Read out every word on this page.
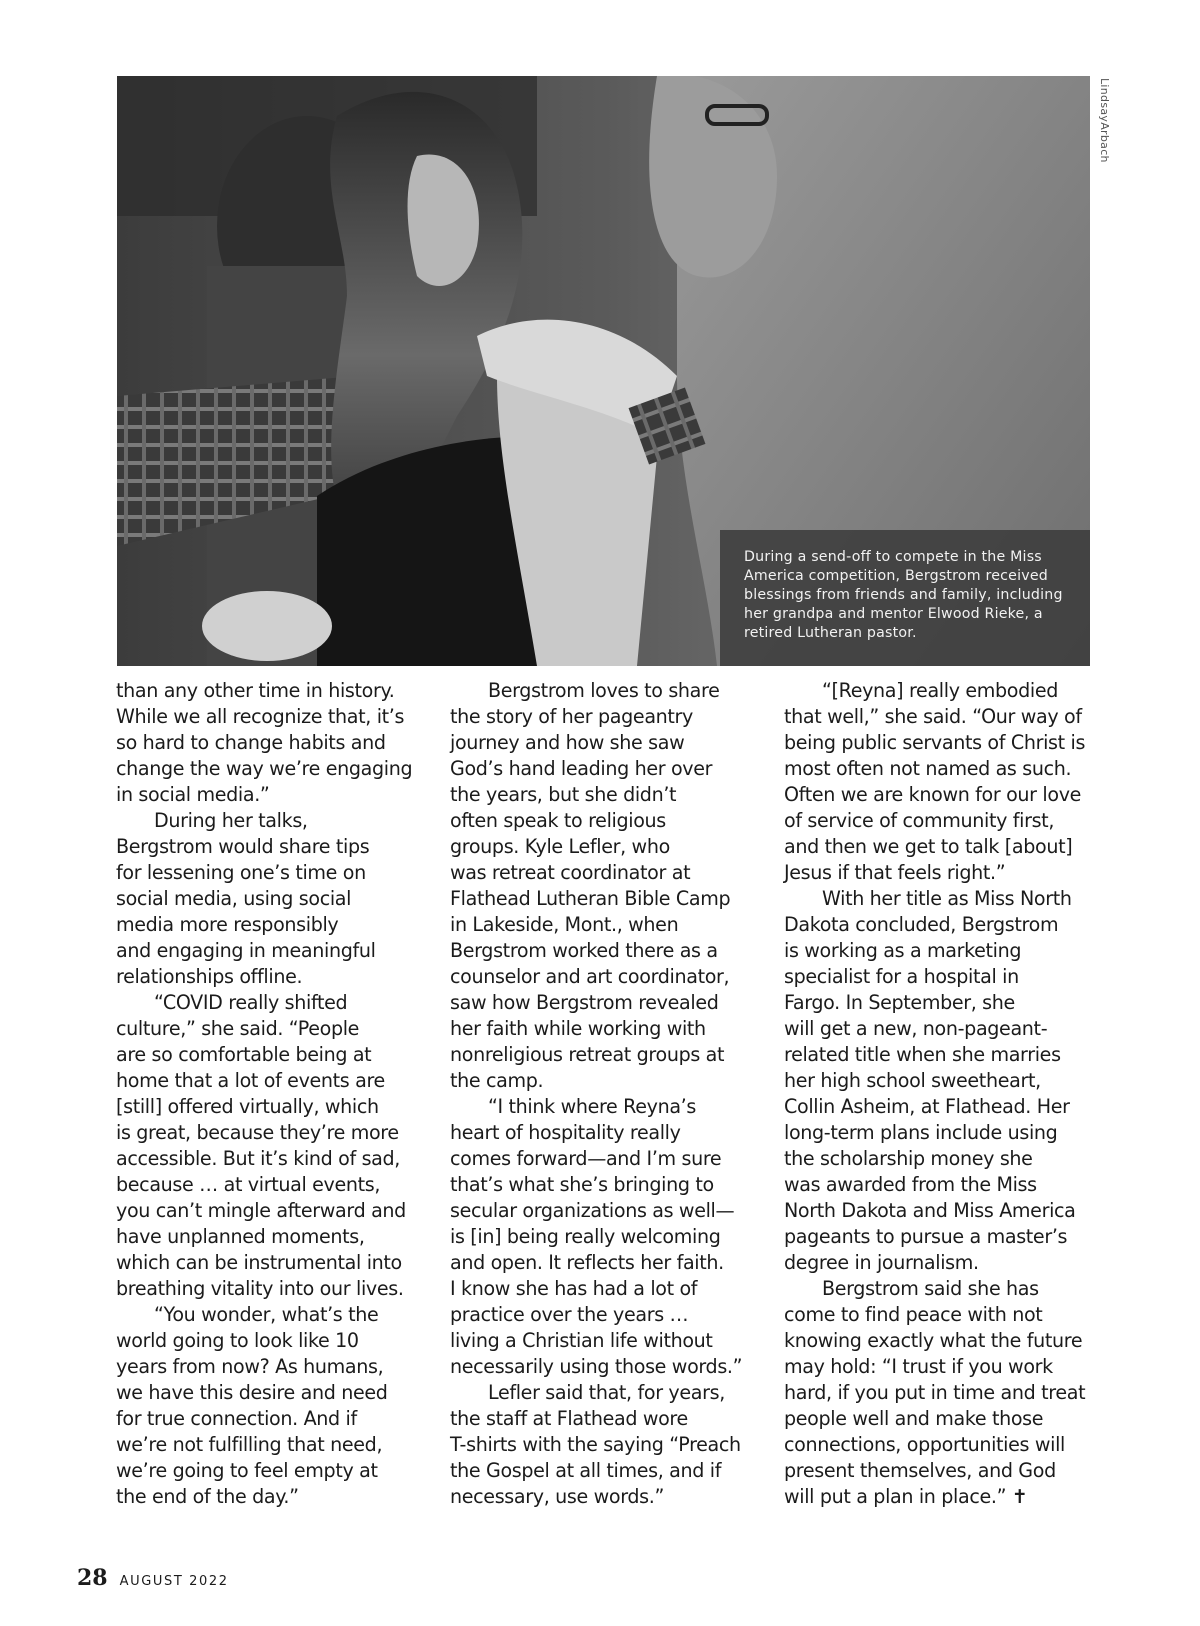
During a send-off to compete in the Miss America competition, Bergstrom received blessings from friends and family, including her grandpa and mentor Elwood Rieke, a retired Lutheran pastor.
LindsayArbach

than any other time in history.
While we all recognize that, it’s
so hard to change habits and
change the way we’re engaging
in social media.”

During her talks,
Bergstrom would share tips
for lessening one’s time on
social media, using social
media more responsibly
and engaging in meaningful
relationships offline.

“COVID really shifted
culture,” she said. “People
are so comfortable being at
home that a lot of events are
[still] offered virtually, which
is great, because they’re more
accessible. But it’s kind of sad,
because … at virtual events,
you can’t mingle afterward and
have unplanned moments,
which can be instrumental into
breathing vitality into our lives.

“You wonder, what’s the
world going to look like 10
years from now? As humans,
we have this desire and need
for true connection. And if
we’re not fulfilling that need,
we’re going to feel empty at
the end of the day.”

Bergstrom loves to share
the story of her pageantry
journey and how she saw
God’s hand leading her over
the years, but she didn’t
often speak to religious
groups. Kyle Lefler, who
was retreat coordinator at
Flathead Lutheran Bible Camp
in Lakeside, Mont., when
Bergstrom worked there as a
counselor and art coordinator,
saw how Bergstrom revealed
her faith while working with
nonreligious retreat groups at
the camp.

“I think where Reyna’s
heart of hospitality really
comes forward—and I’m sure
that’s what she’s bringing to
secular organizations as well—
is [in] being really welcoming
and open. It reflects her faith.
I know she has had a lot of
practice over the years …
living a Christian life without
necessarily using those words.”

Lefler said that, for years,
the staff at Flathead wore
T-shirts with the saying “Preach
the Gospel at all times, and if
necessary, use words.”

“[Reyna] really embodied
that well,” she said. “Our way of
being public servants of Christ is
most often not named as such.
Often we are known for our love
of service of community first,
and then we get to talk [about]
Jesus if that feels right.”

With her title as Miss North
Dakota concluded, Bergstrom
is working as a marketing
specialist for a hospital in
Fargo. In September, she
will get a new, non-pageant-
related title when she marries
her high school sweetheart,
Collin Asheim, at Flathead. Her
long-term plans include using
the scholarship money she
was awarded from the Miss
North Dakota and Miss America
pageants to pursue a master’s
degree in journalism.

Bergstrom said she has
come to find peace with not
knowing exactly what the future
may hold: “I trust if you work
hard, if you put in time and treat
people well and make those
connections, opportunities will
present themselves, and God
will put a plan in place.” ✝

28 AUGUST 2022
